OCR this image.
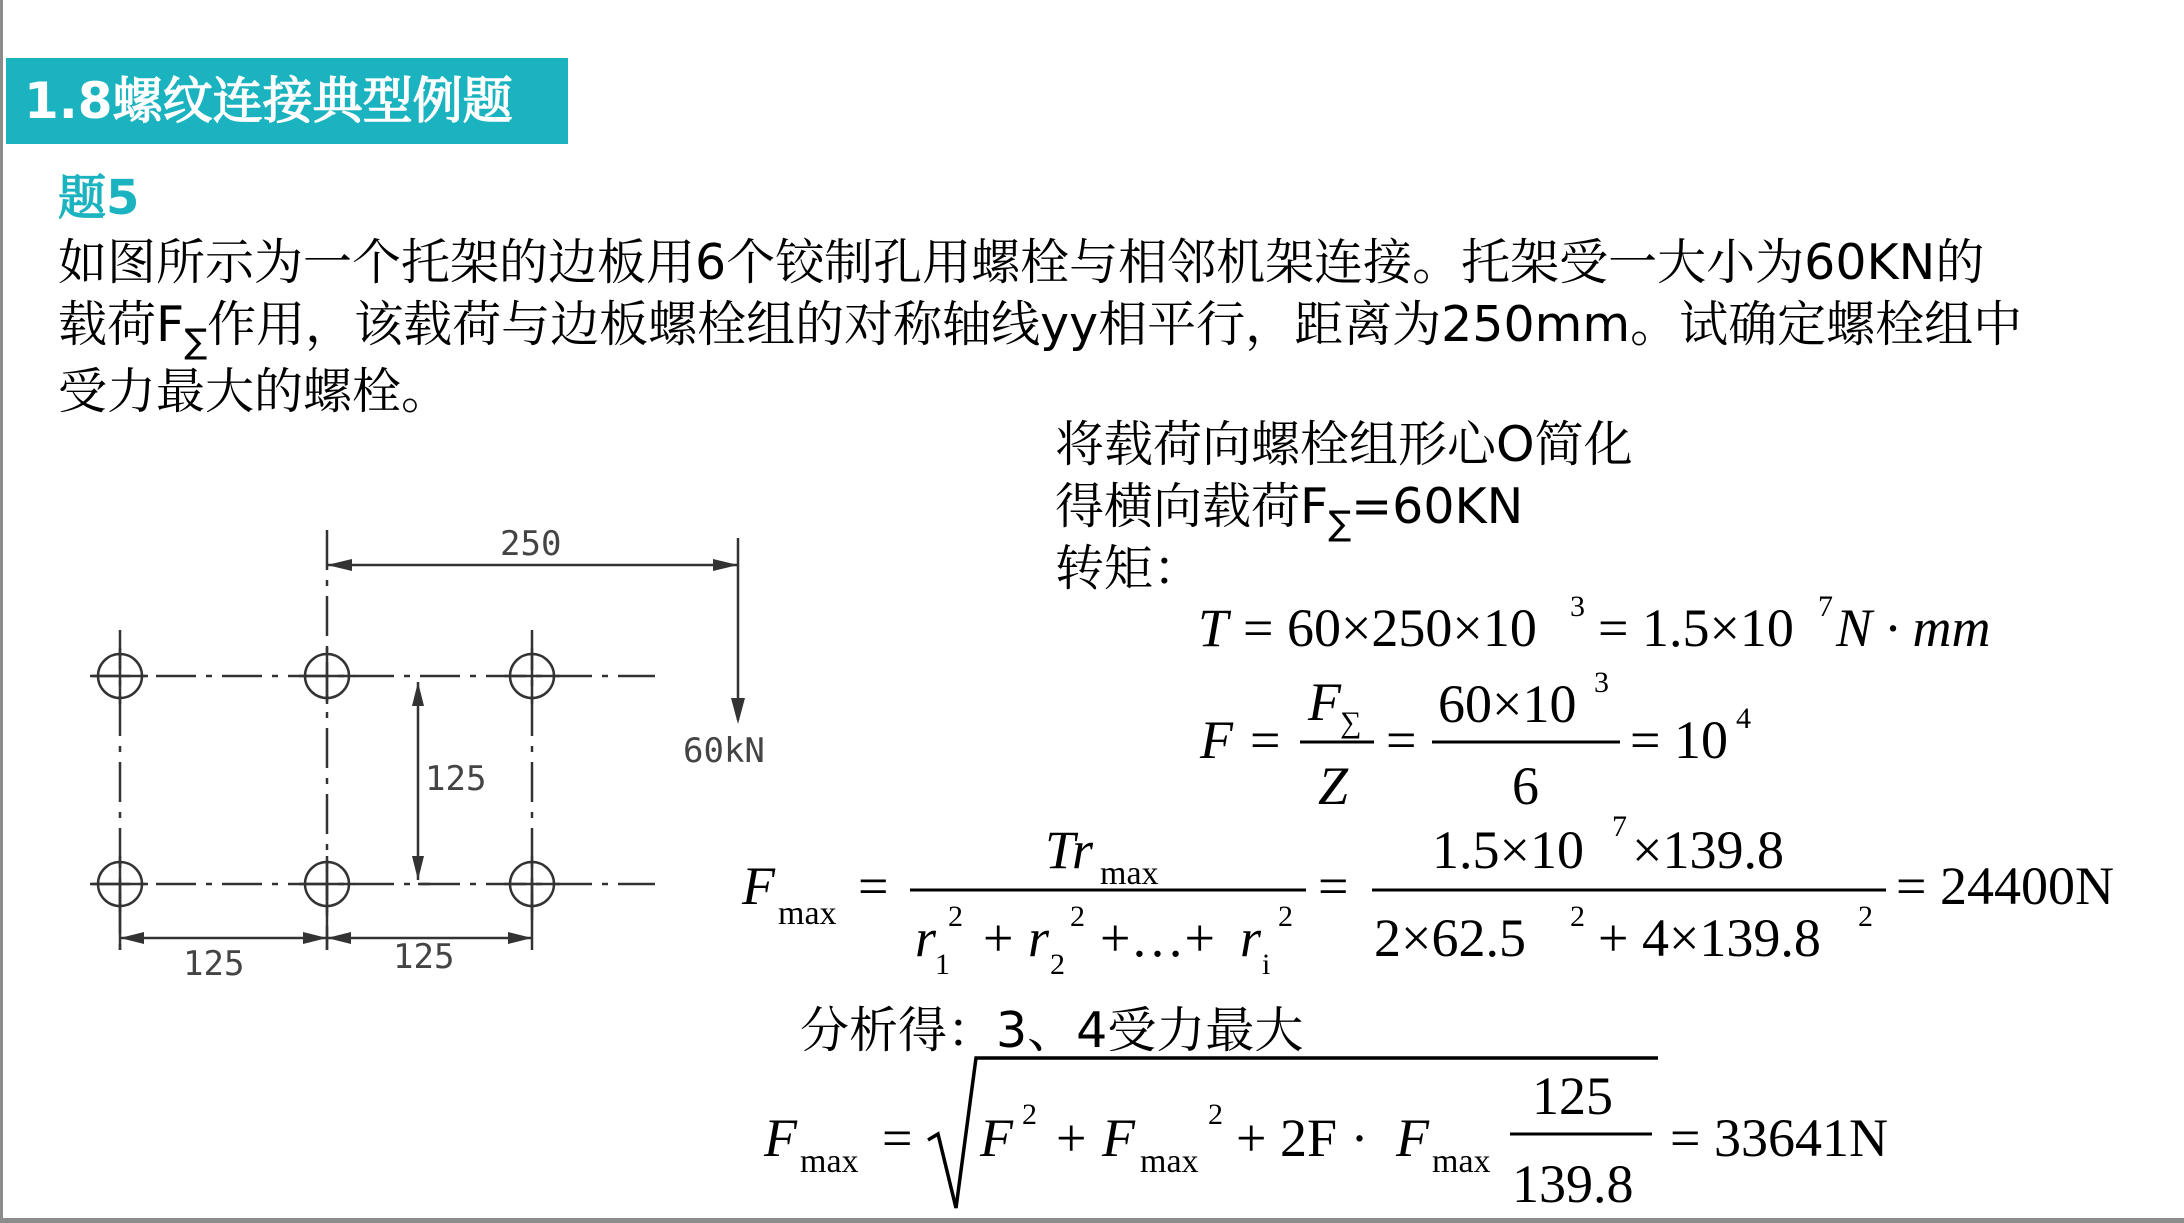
1.8螺纹连接典型例题
题5
如图所示为一个托架的边板用6个铰制孔用螺栓与相邻机架连接。托架受一大小为60KN的
载荷$F_\sum$作用，该载荷与边板螺栓组的对称轴线yy相平行，距离为250mm。试确定螺栓组中
受力最大的螺栓。
将载荷向螺栓组形心O简化
得横向载荷$F_\sum=60KN$
转矩：
分析得：3、4受力最大
250
125
125	125
60kN
T = 60×250×10 3 = 1.5×10 7 N · mm
F =
F ∑
Z
=
60×10 3
6
= 10 4
F max =
Tr max
r
1
2 + r 2
2 +…+ r i
2
=
1.5×10 7 ×139.8
2×62.5 2 + 4×139.8 2
= 24400N
F max = F 2 + F max
2 + 2F · F max
125
139.8
= 33641N
